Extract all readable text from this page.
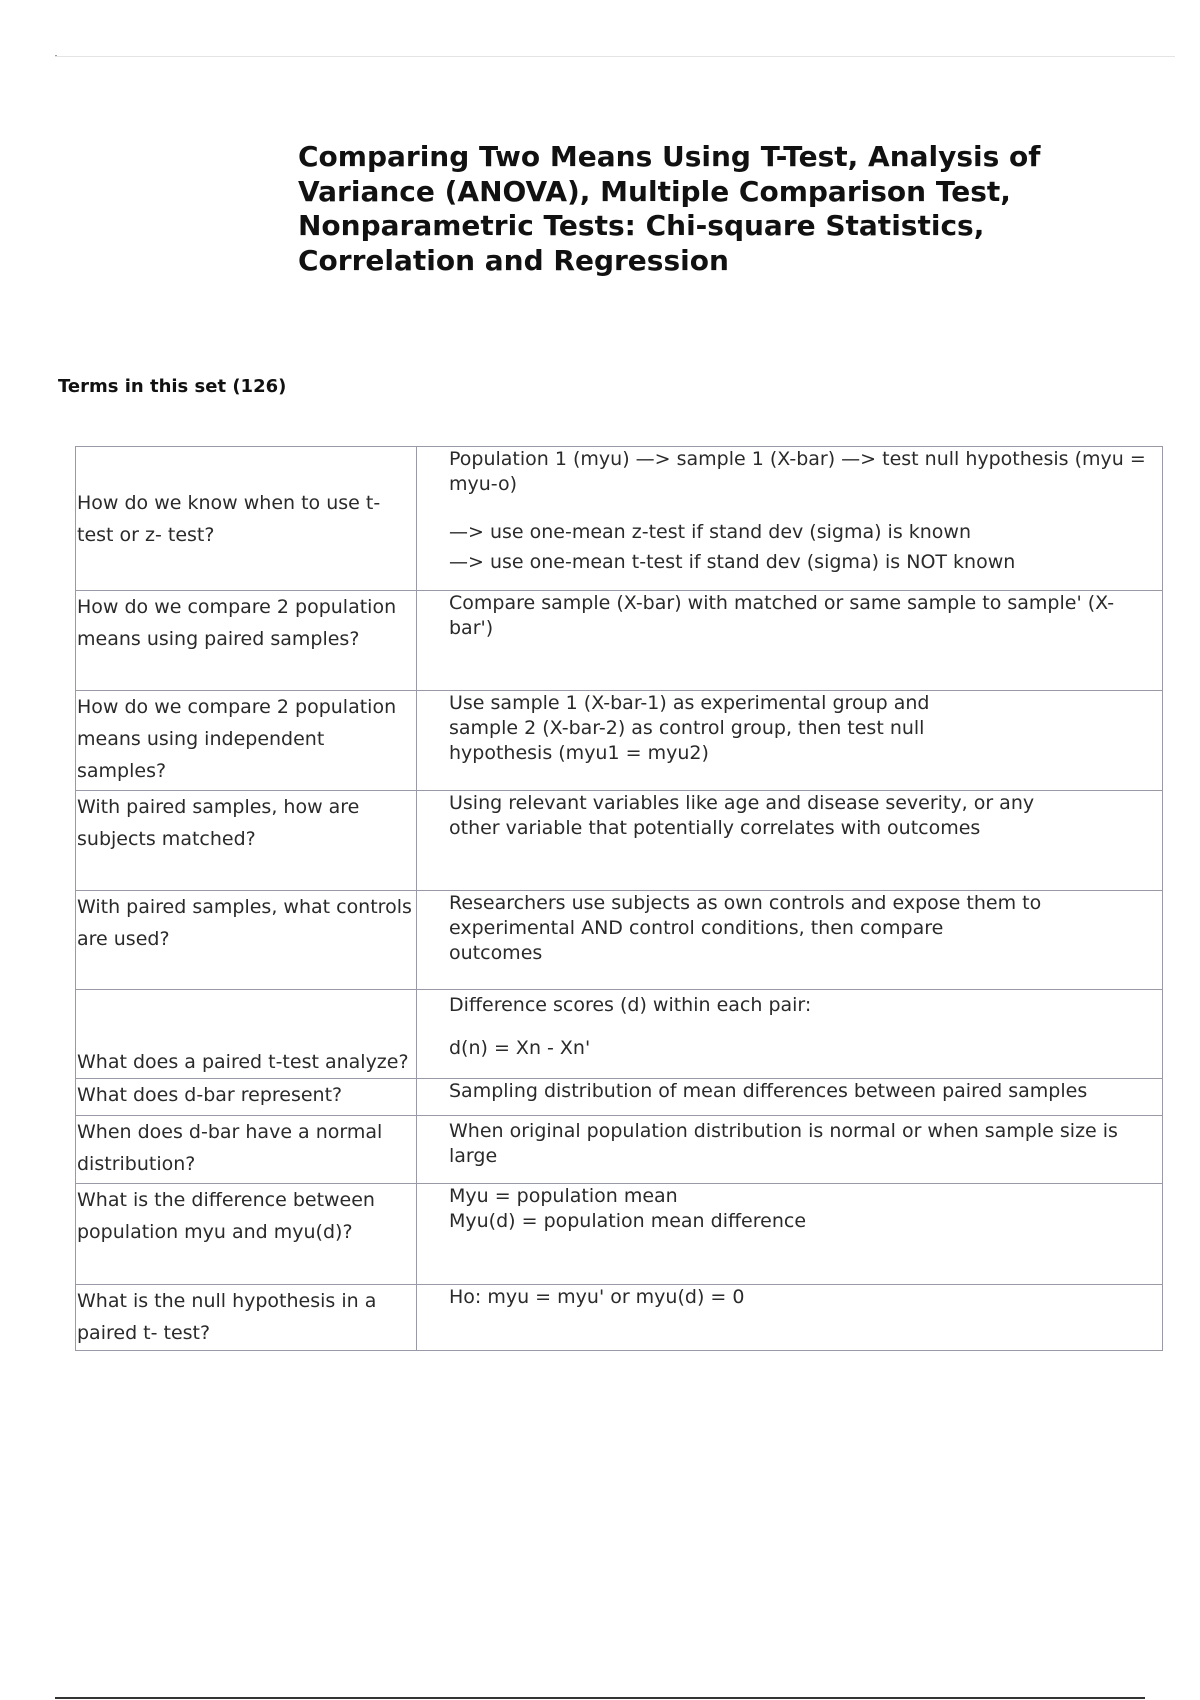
Comparing Two Means Using T-Test, Analysis of Variance (ANOVA), Multiple Comparison Test, Nonparametric Tests: Chi-square Statistics, Correlation and Regression
Terms in this set (126)
How do we know when to use t-test or z- test?	Population 1 (myu) —> sample 1 (X-bar) —> test null hypothesis (myu = myu-o)
—> use one-mean z-test if stand dev (sigma) is known
—> use one-mean t-test if stand dev (sigma) is NOT known

How do we compare 2 population means using paired samples?	Compare sample (X-bar) with matched or same sample to sample' (X-bar')

How do we compare 2 population means using independent samples?	Use sample 1 (X-bar-1) as experimental group and sample 2 (X-bar-2) as control group, then test null hypothesis (myu1 = myu2)

With paired samples, how are subjects matched?	Using relevant variables like age and disease severity, or any other variable that potentially correlates with outcomes

With paired samples, what controls are used?	Researchers use subjects as own controls and expose them to experimental AND control conditions, then compare outcomes

What does a paired t-test analyze?	Difference scores (d) within each pair:
d(n) = Xn - Xn'

What does d-bar represent?	Sampling distribution of mean differences between paired samples

When does d-bar have a normal distribution?	When original population distribution is normal or when sample size is large

What is the difference between population myu and myu(d)?	Myu = population mean
Myu(d) = population mean difference

What is the null hypothesis in a paired t- test?	Ho: myu = myu' or myu(d) = 0
